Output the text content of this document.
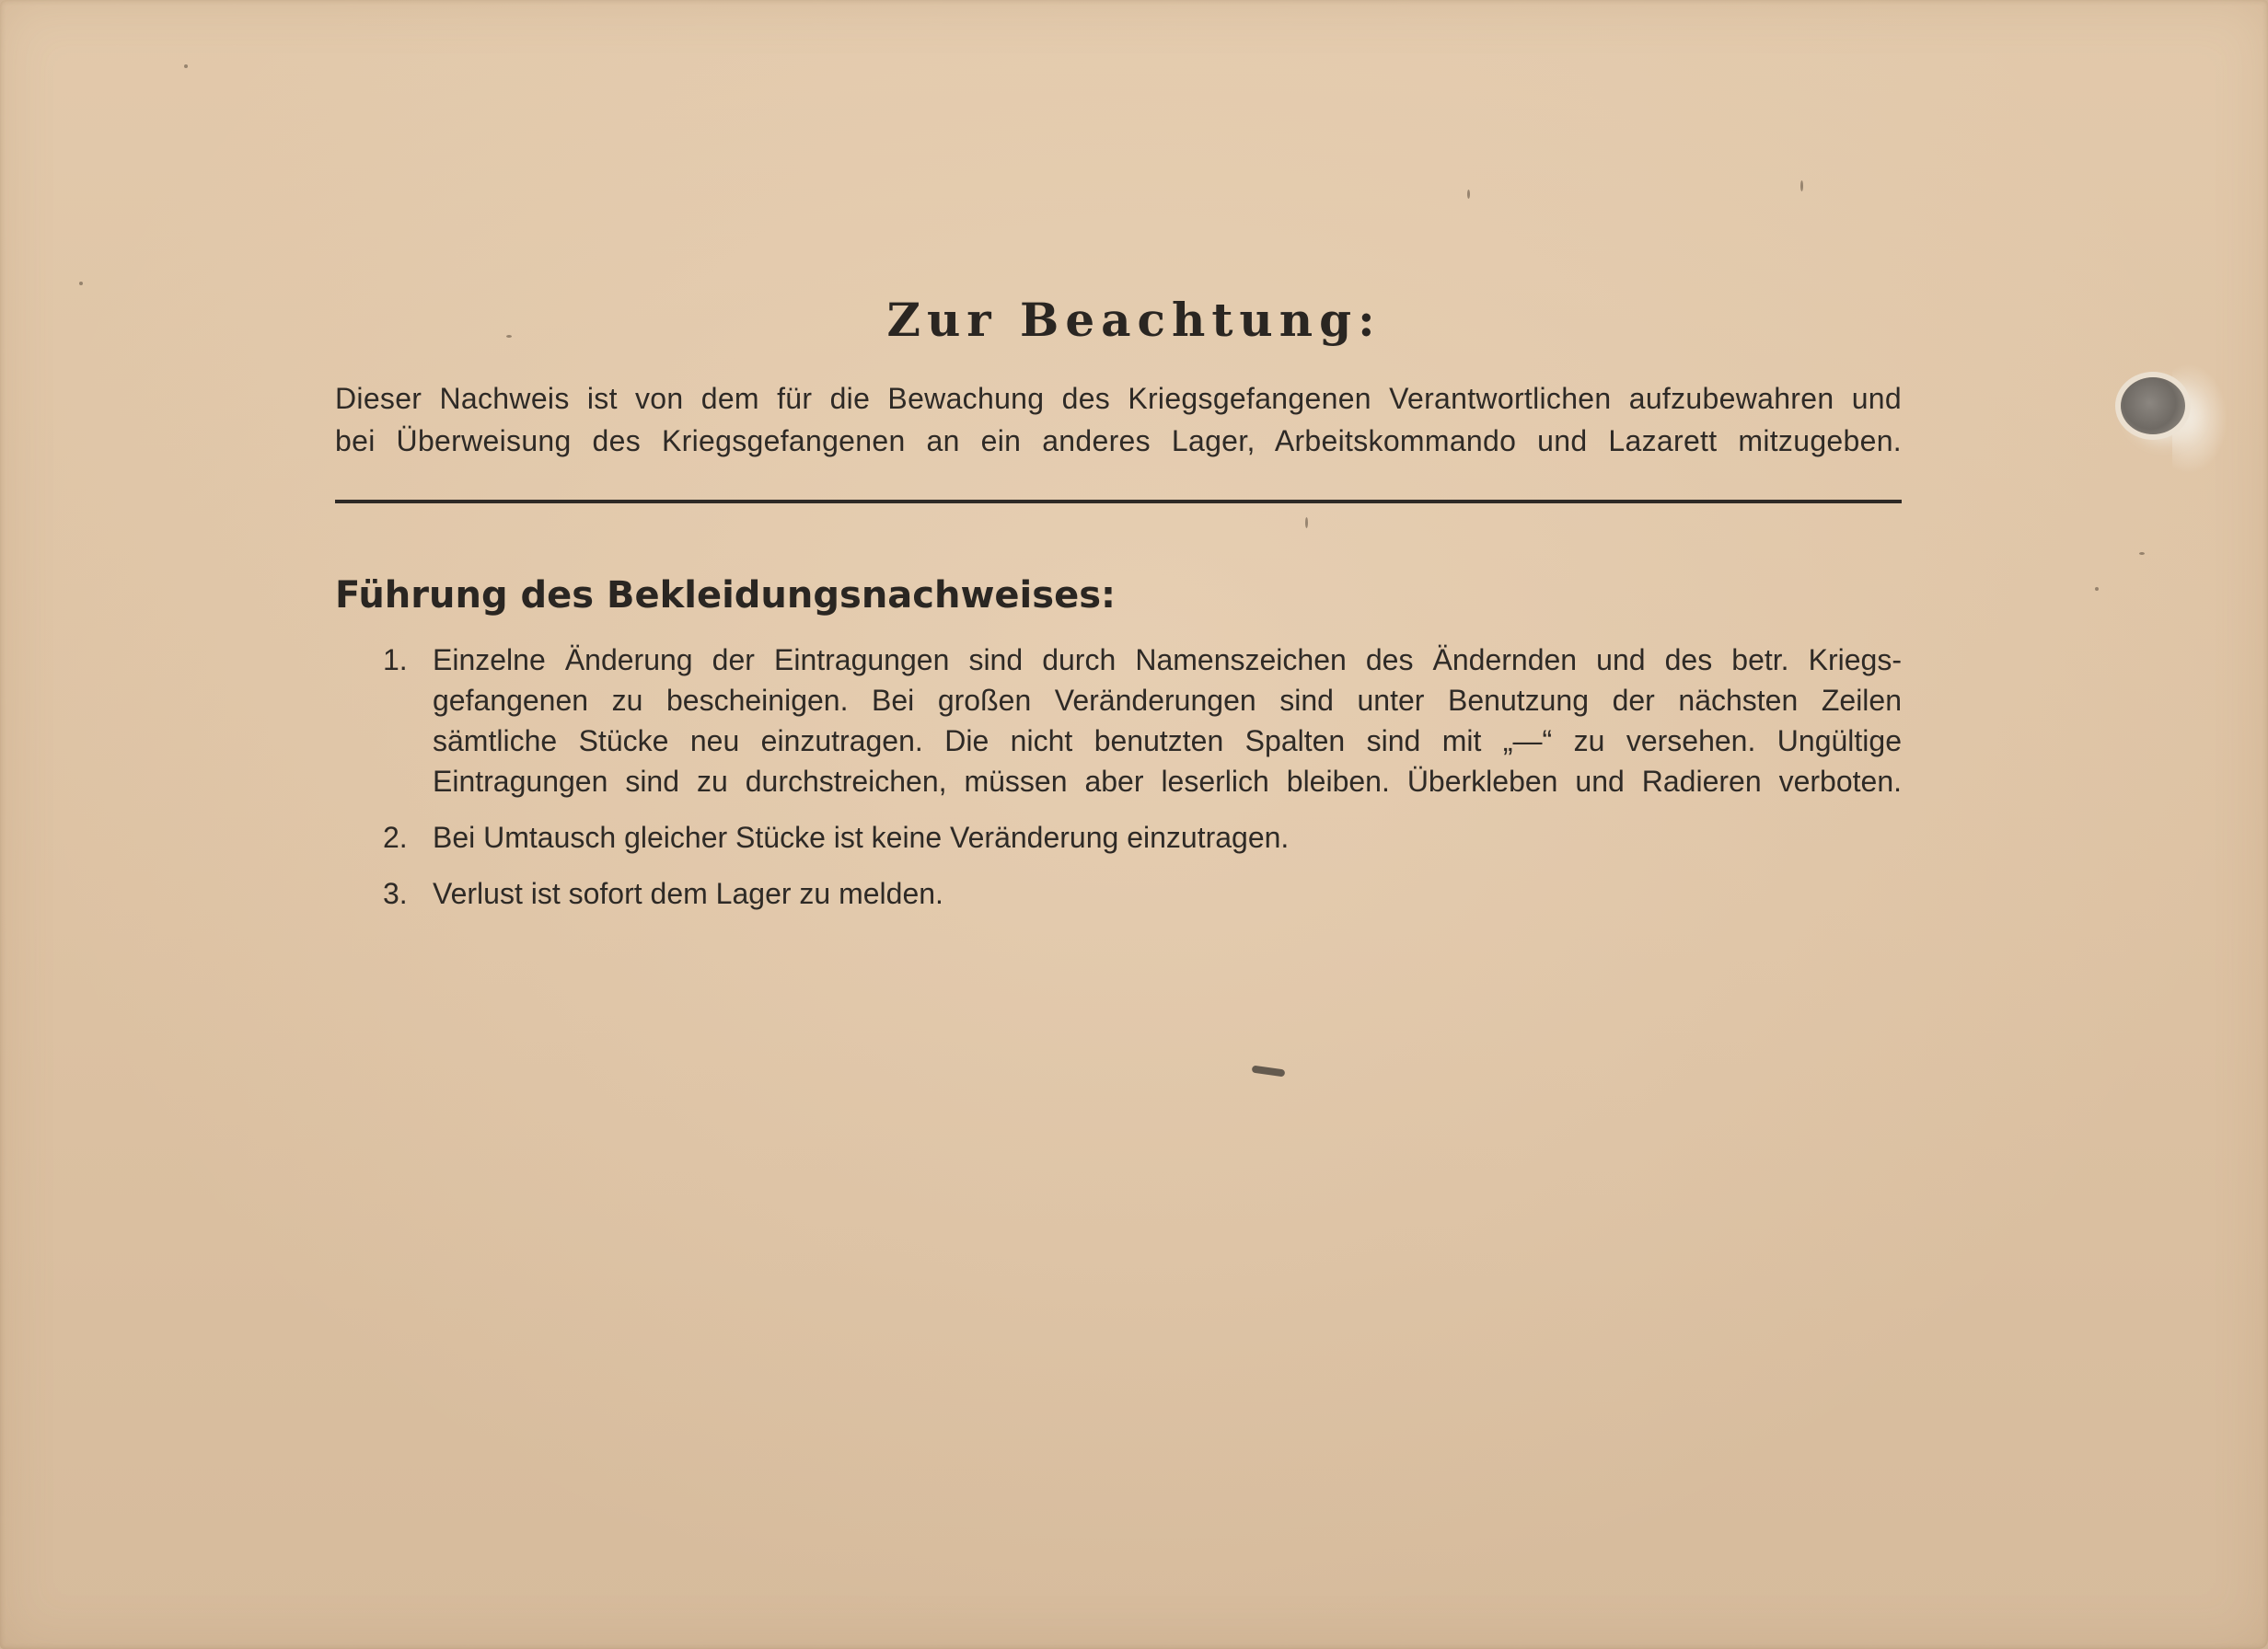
Zur Beachtung:
Dieser Nachweis ist von dem für die Bewachung des Kriegsgefangenen Verantwortlichen aufzubewahren und
bei Überweisung des Kriegsgefangenen an ein anderes Lager, Arbeitskommando und Lazarett mitzugeben.
Führung des Bekleidungsnachweises:
1. Einzelne Änderung der Eintragungen sind durch Namenszeichen des Ändernden und des betr. Kriegs-
gefangenen zu bescheinigen. Bei großen Veränderungen sind unter Benutzung der nächsten Zeilen
sämtliche Stücke neu einzutragen. Die nicht benutzten Spalten sind mit „—“ zu versehen. Ungültige
Eintragungen sind zu durchstreichen, müssen aber leserlich bleiben. Überkleben und Radieren verboten.
2. Bei Umtausch gleicher Stücke ist keine Veränderung einzutragen.
3. Verlust ist sofort dem Lager zu melden.
